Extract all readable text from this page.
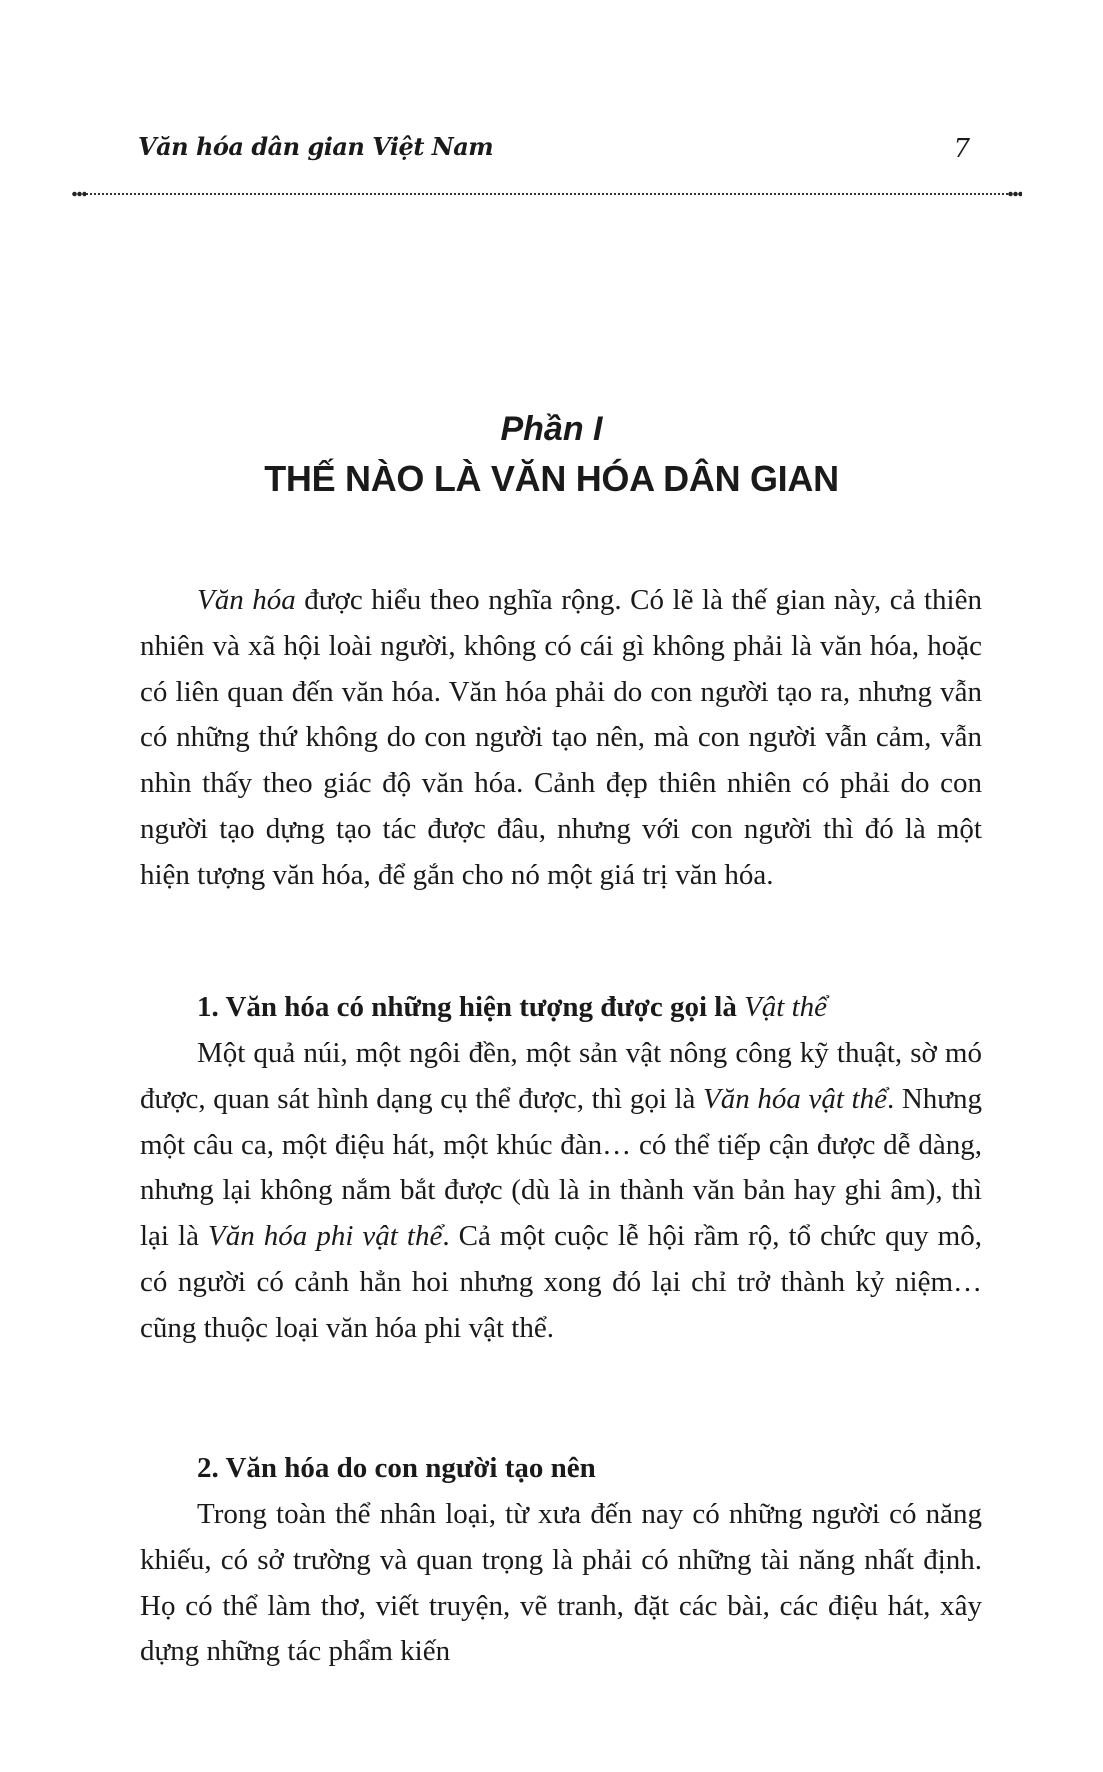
Văn hóa dân gian Việt Nam	7
Phần I
THẾ NÀO LÀ VĂN HÓA DÂN GIAN

Văn hóa được hiểu theo nghĩa rộng. Có lẽ là thế gian này, cả thiên nhiên và xã hội loài người, không có cái gì không phải là văn hóa, hoặc có liên quan đến văn hóa. Văn hóa phải do con người tạo ra, nhưng vẫn có những thứ không do con người tạo nên, mà con người vẫn cảm, vẫn nhìn thấy theo giác độ văn hóa. Cảnh đẹp thiên nhiên có phải do con người tạo dựng tạo tác được đâu, nhưng với con người thì đó là một hiện tượng văn hóa, để gắn cho nó một giá trị văn hóa.

1. Văn hóa có những hiện tượng được gọi là Vật thể

Một quả núi, một ngôi đền, một sản vật nông công kỹ thuật, sờ mó được, quan sát hình dạng cụ thể được, thì gọi là Văn hóa vật thể. Nhưng một câu ca, một điệu hát, một khúc đàn… có thể tiếp cận được dễ dàng, nhưng lại không nắm bắt được (dù là in thành văn bản hay ghi âm), thì lại là Văn hóa phi vật thể. Cả một cuộc lễ hội rầm rộ, tổ chức quy mô, có người có cảnh hẳn hoi nhưng xong đó lại chỉ trở thành kỷ niệm… cũng thuộc loại văn hóa phi vật thể.

2. Văn hóa do con người tạo nên

Trong toàn thể nhân loại, từ xưa đến nay có những người có năng khiếu, có sở trường và quan trọng là phải có những tài năng nhất định. Họ có thể làm thơ, viết truyện, vẽ tranh, đặt các bài, các điệu hát, xây dựng những tác phẩm kiến
